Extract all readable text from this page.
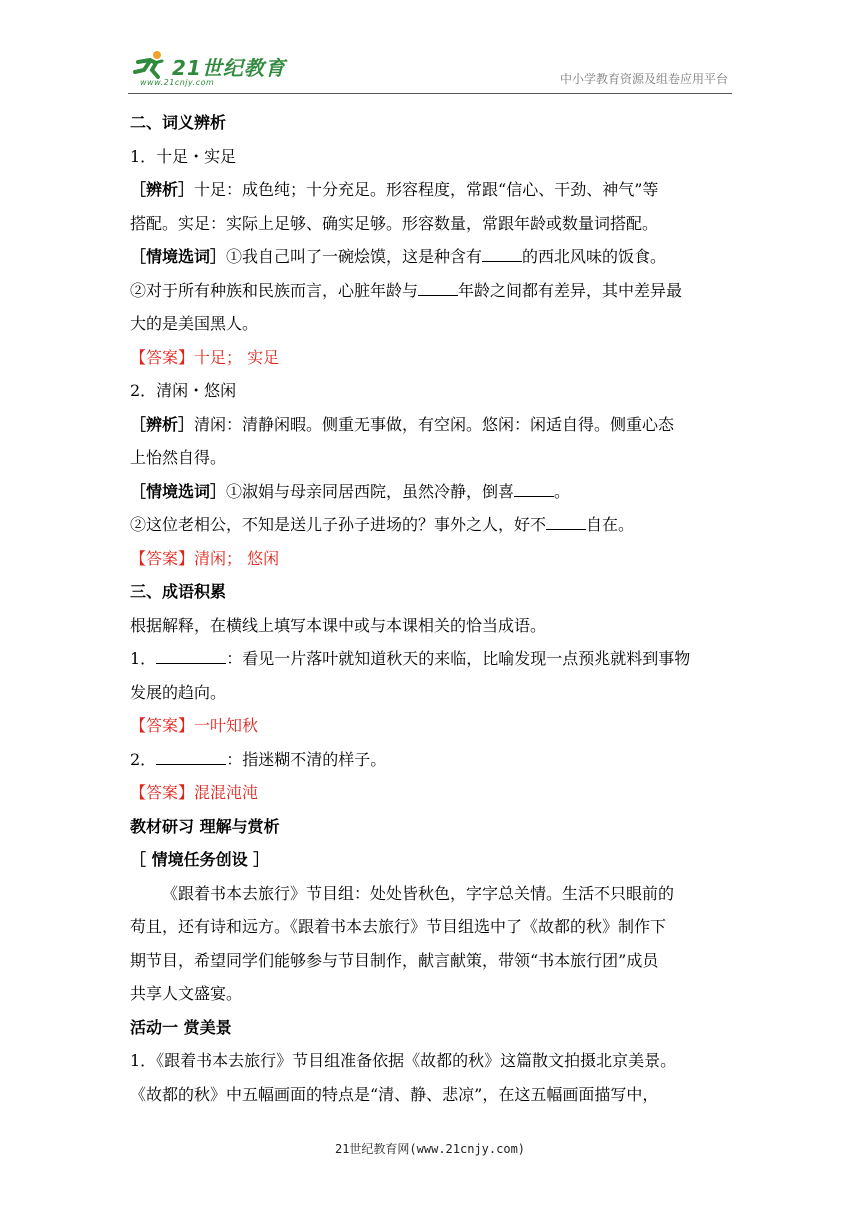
21世纪教育
www.21cnjy.com	中小学教育资源及组卷应用平台

二、词义辨析

1．十足・实足

［辨析］十足：成色纯；十分充足。形容程度，常跟“信心、干劲、神气”等

搭配。实足：实际上足够、确实足够。形容数量，常跟年龄或数量词搭配。

［情境选词］①我自己叫了一碗烩馍，这是种含有	的西北风味的饭食。

②对于所有种族和民族而言，心脏年龄与	年龄之间都有差异，其中差异最

大的是美国黑人。

【答案】十足； 实足

2．清闲・悠闲

［辨析］清闲：清静闲暇。侧重无事做，有空闲。悠闲：闲适自得。侧重心态

上怡然自得。

［情境选词］①淑娟与母亲同居西院，虽然冷静，倒喜	。

②这位老相公，不知是送儿子孙子进场的？事外之人，好不	自在。

【答案】清闲； 悠闲

三、成语积累

根据解释，在横线上填写本课中或与本课相关的恰当成语。

1．	：看见一片落叶就知道秋天的来临，比喻发现一点预兆就料到事物

发展的趋向。

【答案】一叶知秋

2．	：指迷糊不清的样子。

【答案】混混沌沌

教材研习 理解与赏析

［ 情境任务创设 ］

《跟着书本去旅行》节目组：处处皆秋色，字字总关情。生活不只眼前的

苟且，还有诗和远方。《跟着书本去旅行》节目组选中了《故都的秋》制作下

期节目，希望同学们能够参与节目制作，献言献策，带领“书本旅行团”成员

共享人文盛宴。

活动一 赏美景

1．《跟着书本去旅行》节目组准备依据《故都的秋》这篇散文拍摄北京美景。

《故都的秋》中五幅画面的特点是“清、静、悲凉”，在这五幅画面描写中，

21世纪教育网(www.21cnjy.com)
